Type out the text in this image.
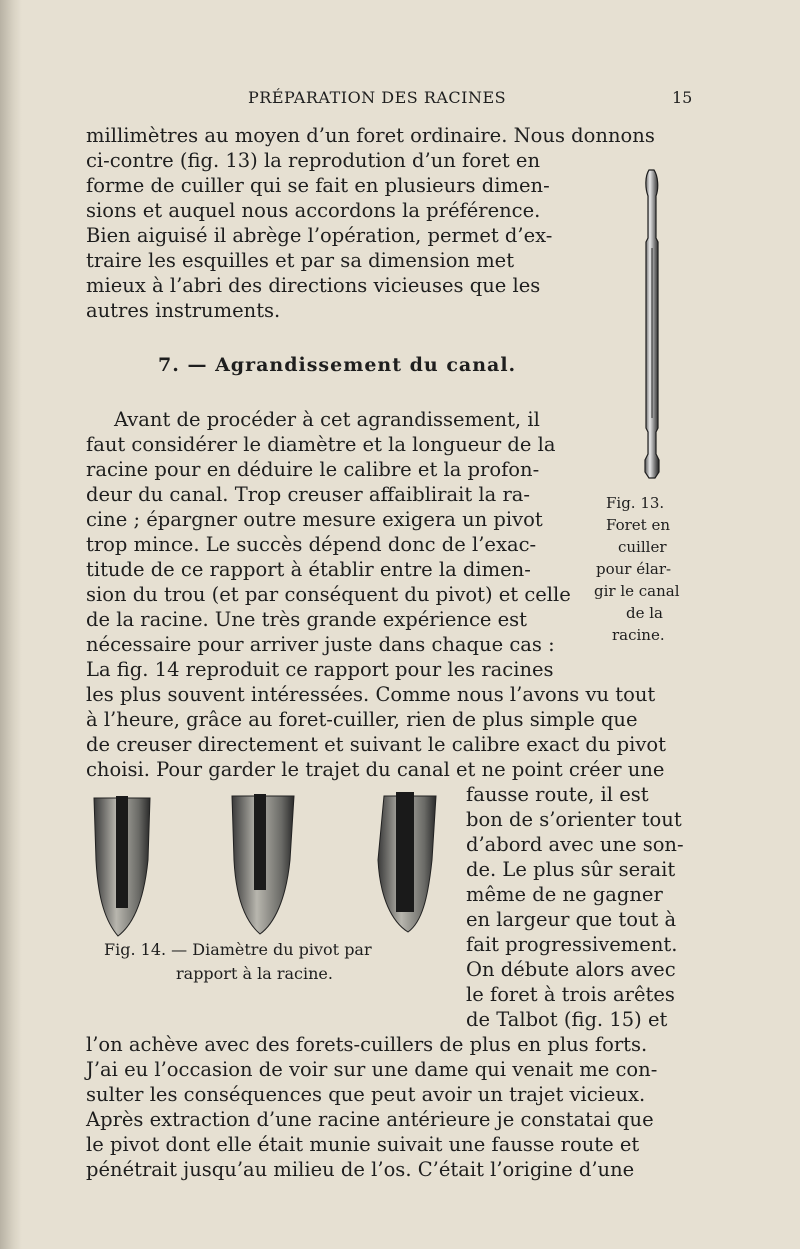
PRÉPARATION DES RACINES	15
millimètres au moyen d’un foret ordinaire. Nous donnons
ci-contre (fig. 13) la reprodution d’un foret en
forme de cuiller qui se fait en plusieurs dimen-
sions et auquel nous accordons la préférence.
Bien aiguisé il abrège l’opération, permet d’ex-
traire les esquilles et par sa dimension met
mieux à l’abri des directions vicieuses que les
autres instruments.
7. — Agrandissement du canal.
Avant de procéder à cet agrandissement, il
faut considérer le diamètre et la longueur de la
racine pour en déduire le calibre et la profon-
deur du canal. Trop creuser affaiblirait la ra-
cine ; épargner outre mesure exigera un pivot
trop mince. Le succès dépend donc de l’exac-
titude de ce rapport à établir entre la dimen-
sion du trou (et par conséquent du pivot) et celle
de la racine. Une très grande expérience est
nécessaire pour arriver juste dans chaque cas :
La fig. 14 reproduit ce rapport pour les racines
les plus souvent intéressées. Comme nous l’avons vu tout
à l’heure, grâce au foret-cuiller, rien de plus simple que
de creuser directement et suivant le calibre exact du pivot
choisi. Pour garder le trajet du canal et ne point créer une
fausse route, il est
bon de s’orienter tout
d’abord avec une son-
de. Le plus sûr serait
même de ne gagner
en largeur que tout à
fait progressivement.
On débute alors avec
le foret à trois arêtes
de Talbot (fig. 15) et
l’on achève avec des forets-cuillers de plus en plus forts.
J’ai eu l’occasion de voir sur une dame qui venait me con-
sulter les conséquences que peut avoir un trajet vicieux.
Après extraction d’une racine antérieure je constatai que
le pivot dont elle était munie suivait une fausse route et
pénétrait jusqu’au milieu de l’os. C’était l’origine d’une
Fig. 13.
Foret en
cuiller
pour élar-
gir le canal
de la
racine.
Fig. 14. — Diamètre du pivot par
rapport à la racine.
